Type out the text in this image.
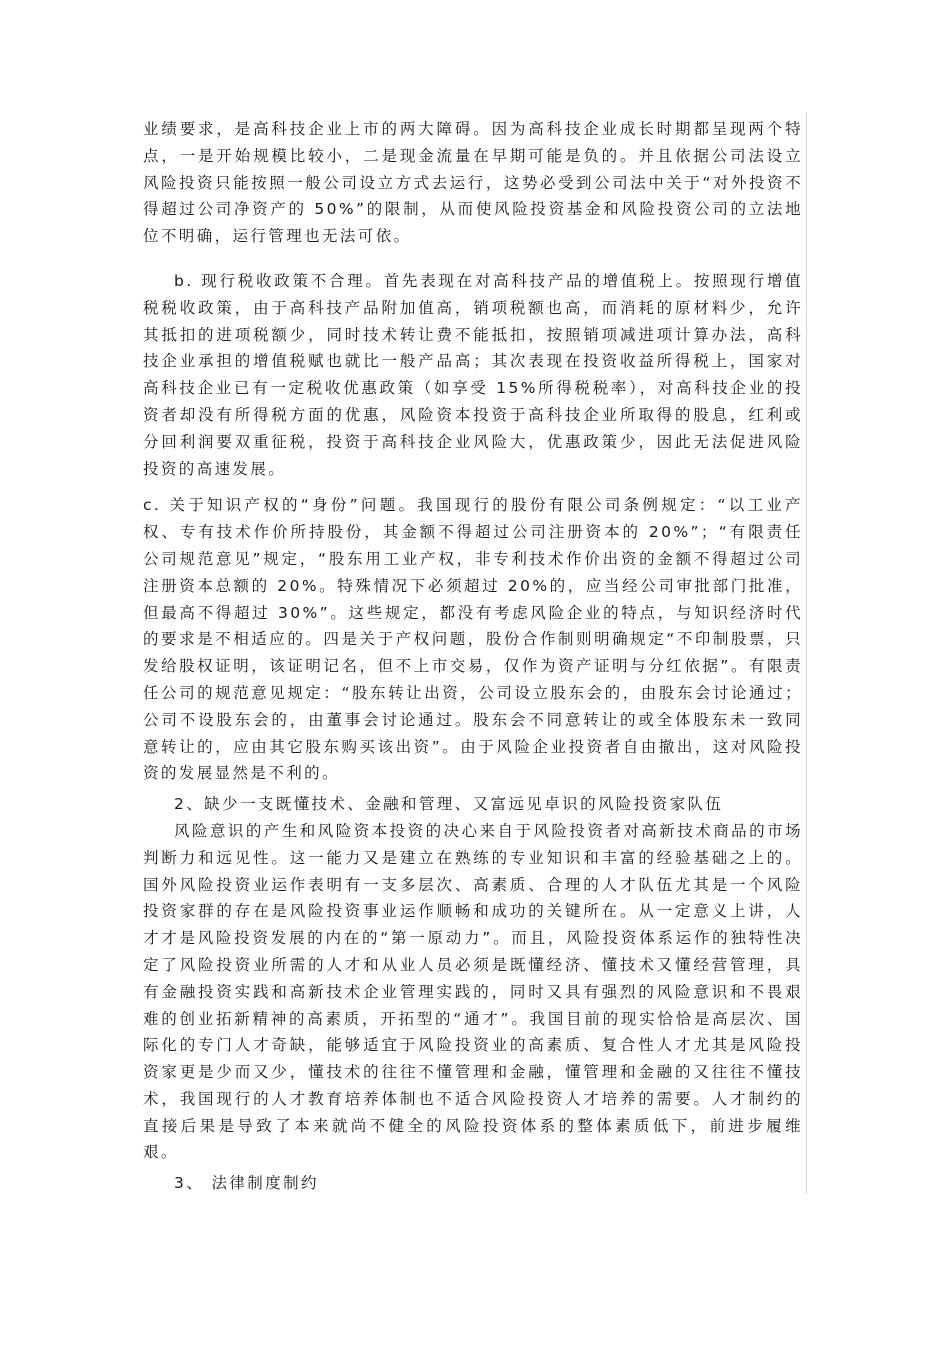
业绩要求，是高科技企业上市的两大障碍。因为高科技企业成长时期都呈现两个特点，一是开始规模比较小，二是现金流量在早期可能是负的。并且依据公司法设立风险投资只能按照一般公司设立方式去运行，这势必受到公司法中关于“对外投资不得超过公司净资产的 50%”的限制，从而使风险投资基金和风险投资公司的立法地位不明确，运行管理也无法可依。

b. 现行税收政策不合理。首先表现在对高科技产品的增值税上。按照现行增值税税收政策，由于高科技产品附加值高，销项税额也高，而消耗的原材料少，允许其抵扣的进项税额少，同时技术转让费不能抵扣，按照销项减进项计算办法，高科技企业承担的增值税赋也就比一般产品高；其次表现在投资收益所得税上，国家对高科技企业已有一定税收优惠政策（如享受 15%所得税税率），对高科技企业的投资者却没有所得税方面的优惠，风险资本投资于高科技企业所取得的股息，红利或分回利润要双重征税，投资于高科技企业风险大，优惠政策少，因此无法促进风险投资的高速发展。

c. 关于知识产权的“身份”问题。我国现行的股份有限公司条例规定：“以工业产权、专有技术作价所持股份，其金额不得超过公司注册资本的 20%”；“有限责任公司规范意见”规定，“股东用工业产权，非专利技术作价出资的金额不得超过公司注册资本总额的 20%。特殊情况下必须超过 20%的，应当经公司审批部门批准，但最高不得超过 30%”。这些规定，都没有考虑风险企业的特点，与知识经济时代的要求是不相适应的。四是关于产权问题，股份合作制则明确规定“不印制股票，只发给股权证明，该证明记名，但不上市交易，仅作为资产证明与分红依据”。有限责任公司的规范意见规定：“股东转让出资，公司设立股东会的，由股东会讨论通过；公司不设股东会的，由董事会讨论通过。股东会不同意转让的或全体股东未一致同意转让的，应由其它股东购买该出资”。由于风险企业投资者自由撤出，这对风险投资的发展显然是不利的。

2、缺少一支既懂技术、金融和管理、又富远见卓识的风险投资家队伍

风险意识的产生和风险资本投资的决心来自于风险投资者对高新技术商品的市场判断力和远见性。这一能力又是建立在熟练的专业知识和丰富的经验基础之上的。国外风险投资业运作表明有一支多层次、高素质、合理的人才队伍尤其是一个风险投资家群的存在是风险投资事业运作顺畅和成功的关键所在。从一定意义上讲，人才才是风险投资发展的内在的“第一原动力”。而且，风险投资体系运作的独特性决定了风险投资业所需的人才和从业人员必须是既懂经济、懂技术又懂经营管理，具有金融投资实践和高新技术企业管理实践的，同时又具有强烈的风险意识和不畏艰难的创业拓新精神的高素质，开拓型的“通才”。我国目前的现实恰恰是高层次、国际化的专门人才奇缺，能够适宜于风险投资业的高素质、复合性人才尤其是风险投资家更是少而又少，懂技术的往往不懂管理和金融，懂管理和金融的又往往不懂技术，我国现行的人才教育培养体制也不适合风险投资人才培养的需要。人才制约的直接后果是导致了本来就尚不健全的风险投资体系的整体素质低下，前进步履维艰。

3、 法律制度制约
